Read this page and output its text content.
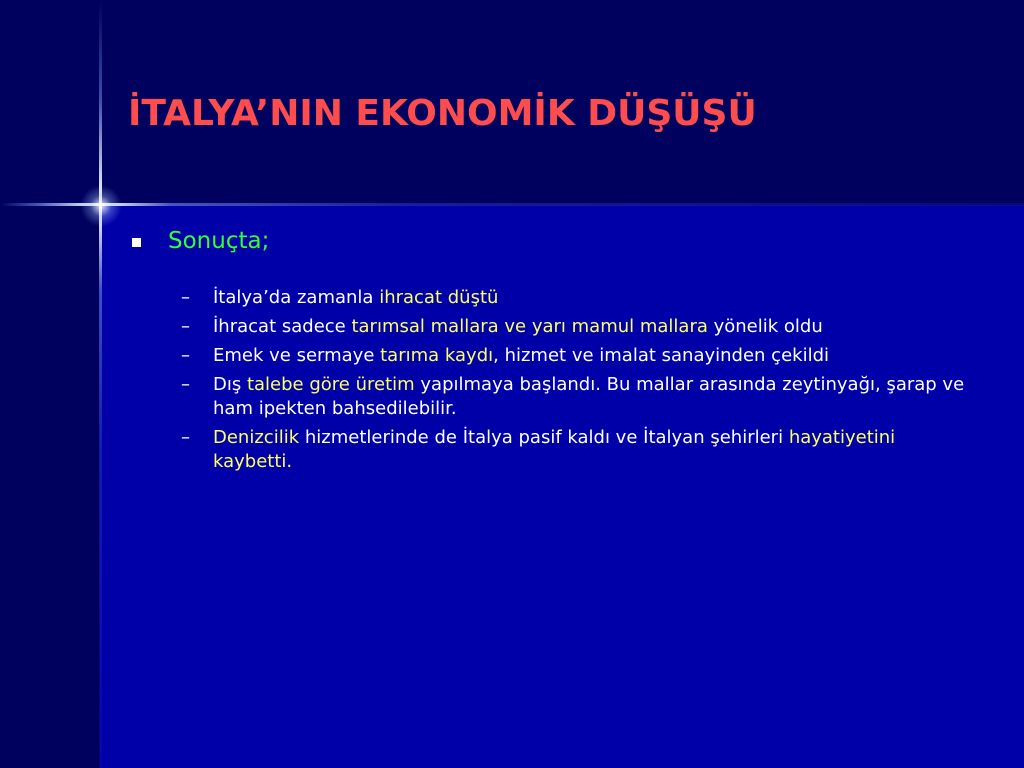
İTALYA’NIN EKONOMİK DÜŞÜŞÜ
Sonuçta;
– İtalya’da zamanla ihracat düştü
– İhracat sadece tarımsal mallara ve yarı mamul mallara yönelik oldu
– Emek ve sermaye tarıma kaydı, hizmet ve imalat sanayinden çekildi
– Dış talebe göre üretim yapılmaya başlandı. Bu mallar arasında zeytinyağı, şarap ve ham ipekten bahsedilebilir.
– Denizcilik hizmetlerinde de İtalya pasif kaldı ve İtalyan şehirleri hayatiyetini kaybetti.
